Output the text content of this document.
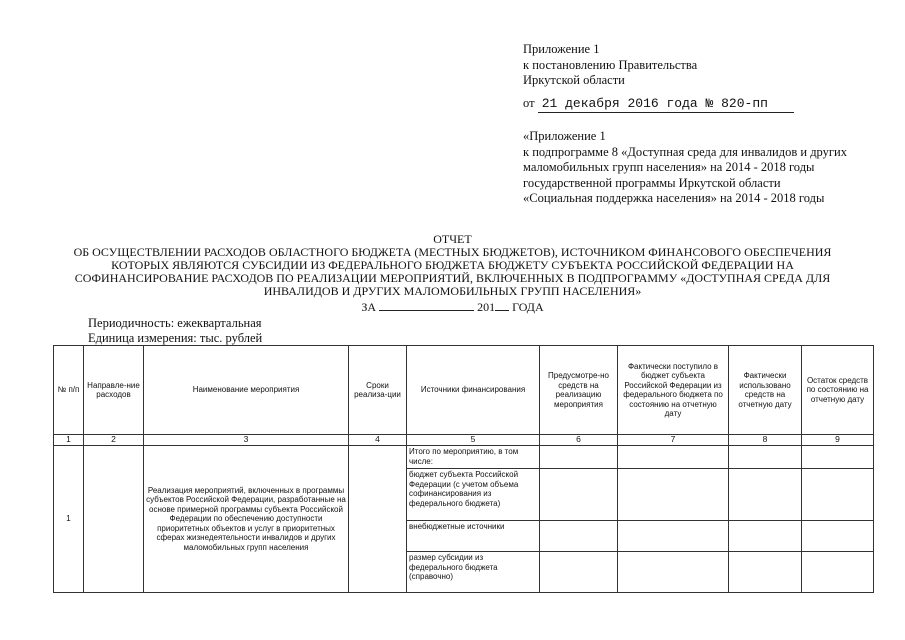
Приложение 1
к постановлению Правительства
Иркутской области
от 21 декабря 2016 года № 820-пп
«Приложение 1
к подпрограмме 8 «Доступная среда для инвалидов и других
маломобильных групп населения» на 2014 - 2018 годы
государственной программы Иркутской области
«Социальная поддержка населения» на 2014 - 2018 годы
ОТЧЕТ
ОБ ОСУЩЕСТВЛЕНИИ РАСХОДОВ ОБЛАСТНОГО БЮДЖЕТА (МЕСТНЫХ БЮДЖЕТОВ), ИСТОЧНИКОМ ФИНАНСОВОГО ОБЕСПЕЧЕНИЯ
КОТОРЫХ ЯВЛЯЮТСЯ СУБСИДИИ ИЗ ФЕДЕРАЛЬНОГО БЮДЖЕТА БЮДЖЕТУ СУБЪЕКТА РОССИЙСКОЙ ФЕДЕРАЦИИ НА
СОФИНАНСИРОВАНИЕ РАСХОДОВ ПО РЕАЛИЗАЦИИ МЕРОПРИЯТИЙ, ВКЛЮЧЕННЫХ В ПОДПРОГРАММУ «ДОСТУПНАЯ СРЕДА ДЛЯ
ИНВАЛИДОВ И ДРУГИХ МАЛОМОБИЛЬНЫХ ГРУПП НАСЕЛЕНИЯ»
ЗА	201 ГОДА
Периодичность: ежеквартальная
Единица измерения: тыс. рублей
№ п/п	Направле-ние расходов	Наименование мероприятия	Сроки реализа-ции	Источники финансирования	Предусмотре-но средств на реализацию мероприятия	Фактически поступило в бюджет субъекта Российской Федерации из федерального бюджета по состоянию на отчетную дату	Фактически использовано средств на отчетную дату	Остаток средств по состоянию на отчетную дату
1	2	3	4	5	6	7	8	9
1		Реализация мероприятий, включенных в программы субъектов Российской Федерации, разработанные на основе примерной программы субъекта Российской Федерации по обеспечению доступности приоритетных объектов и услуг в приоритетных сферах жизнедеятельности инвалидов и других маломобильных групп населения		Итого по мероприятию, в том числе:				
				бюджет субъекта Российской Федерации (с учетом объема софинансирования из федерального бюджета)				
				внебюджетные источники				
				размер субсидии из федерального бюджета (справочно)				
